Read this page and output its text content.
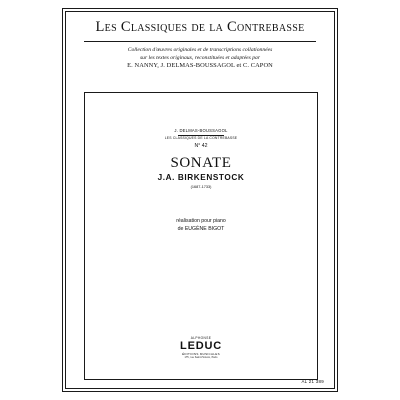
Les Classiques de la Contrebasse
Collection d'œuvres originales et de transcriptions collationnées
sur les textes originaux, reconstituées et adaptées par
E. NANNY, J. DELMAS-BOUSSAGOL et C. CAPON
J. DELMAS-BOUSSAGOL
LES CLASSIQUES DE LA CONTREBASSE
N° 42
SONATE
J.A. BIRKENSTOCK
(1687-1733)
réalisation pour piano
de EUGÈNE BIGOT
ALPHONSE
LEDUC
ÉDITIONS MUSICALES
175, rue Saint-Honoré, Paris
AL 21 389
